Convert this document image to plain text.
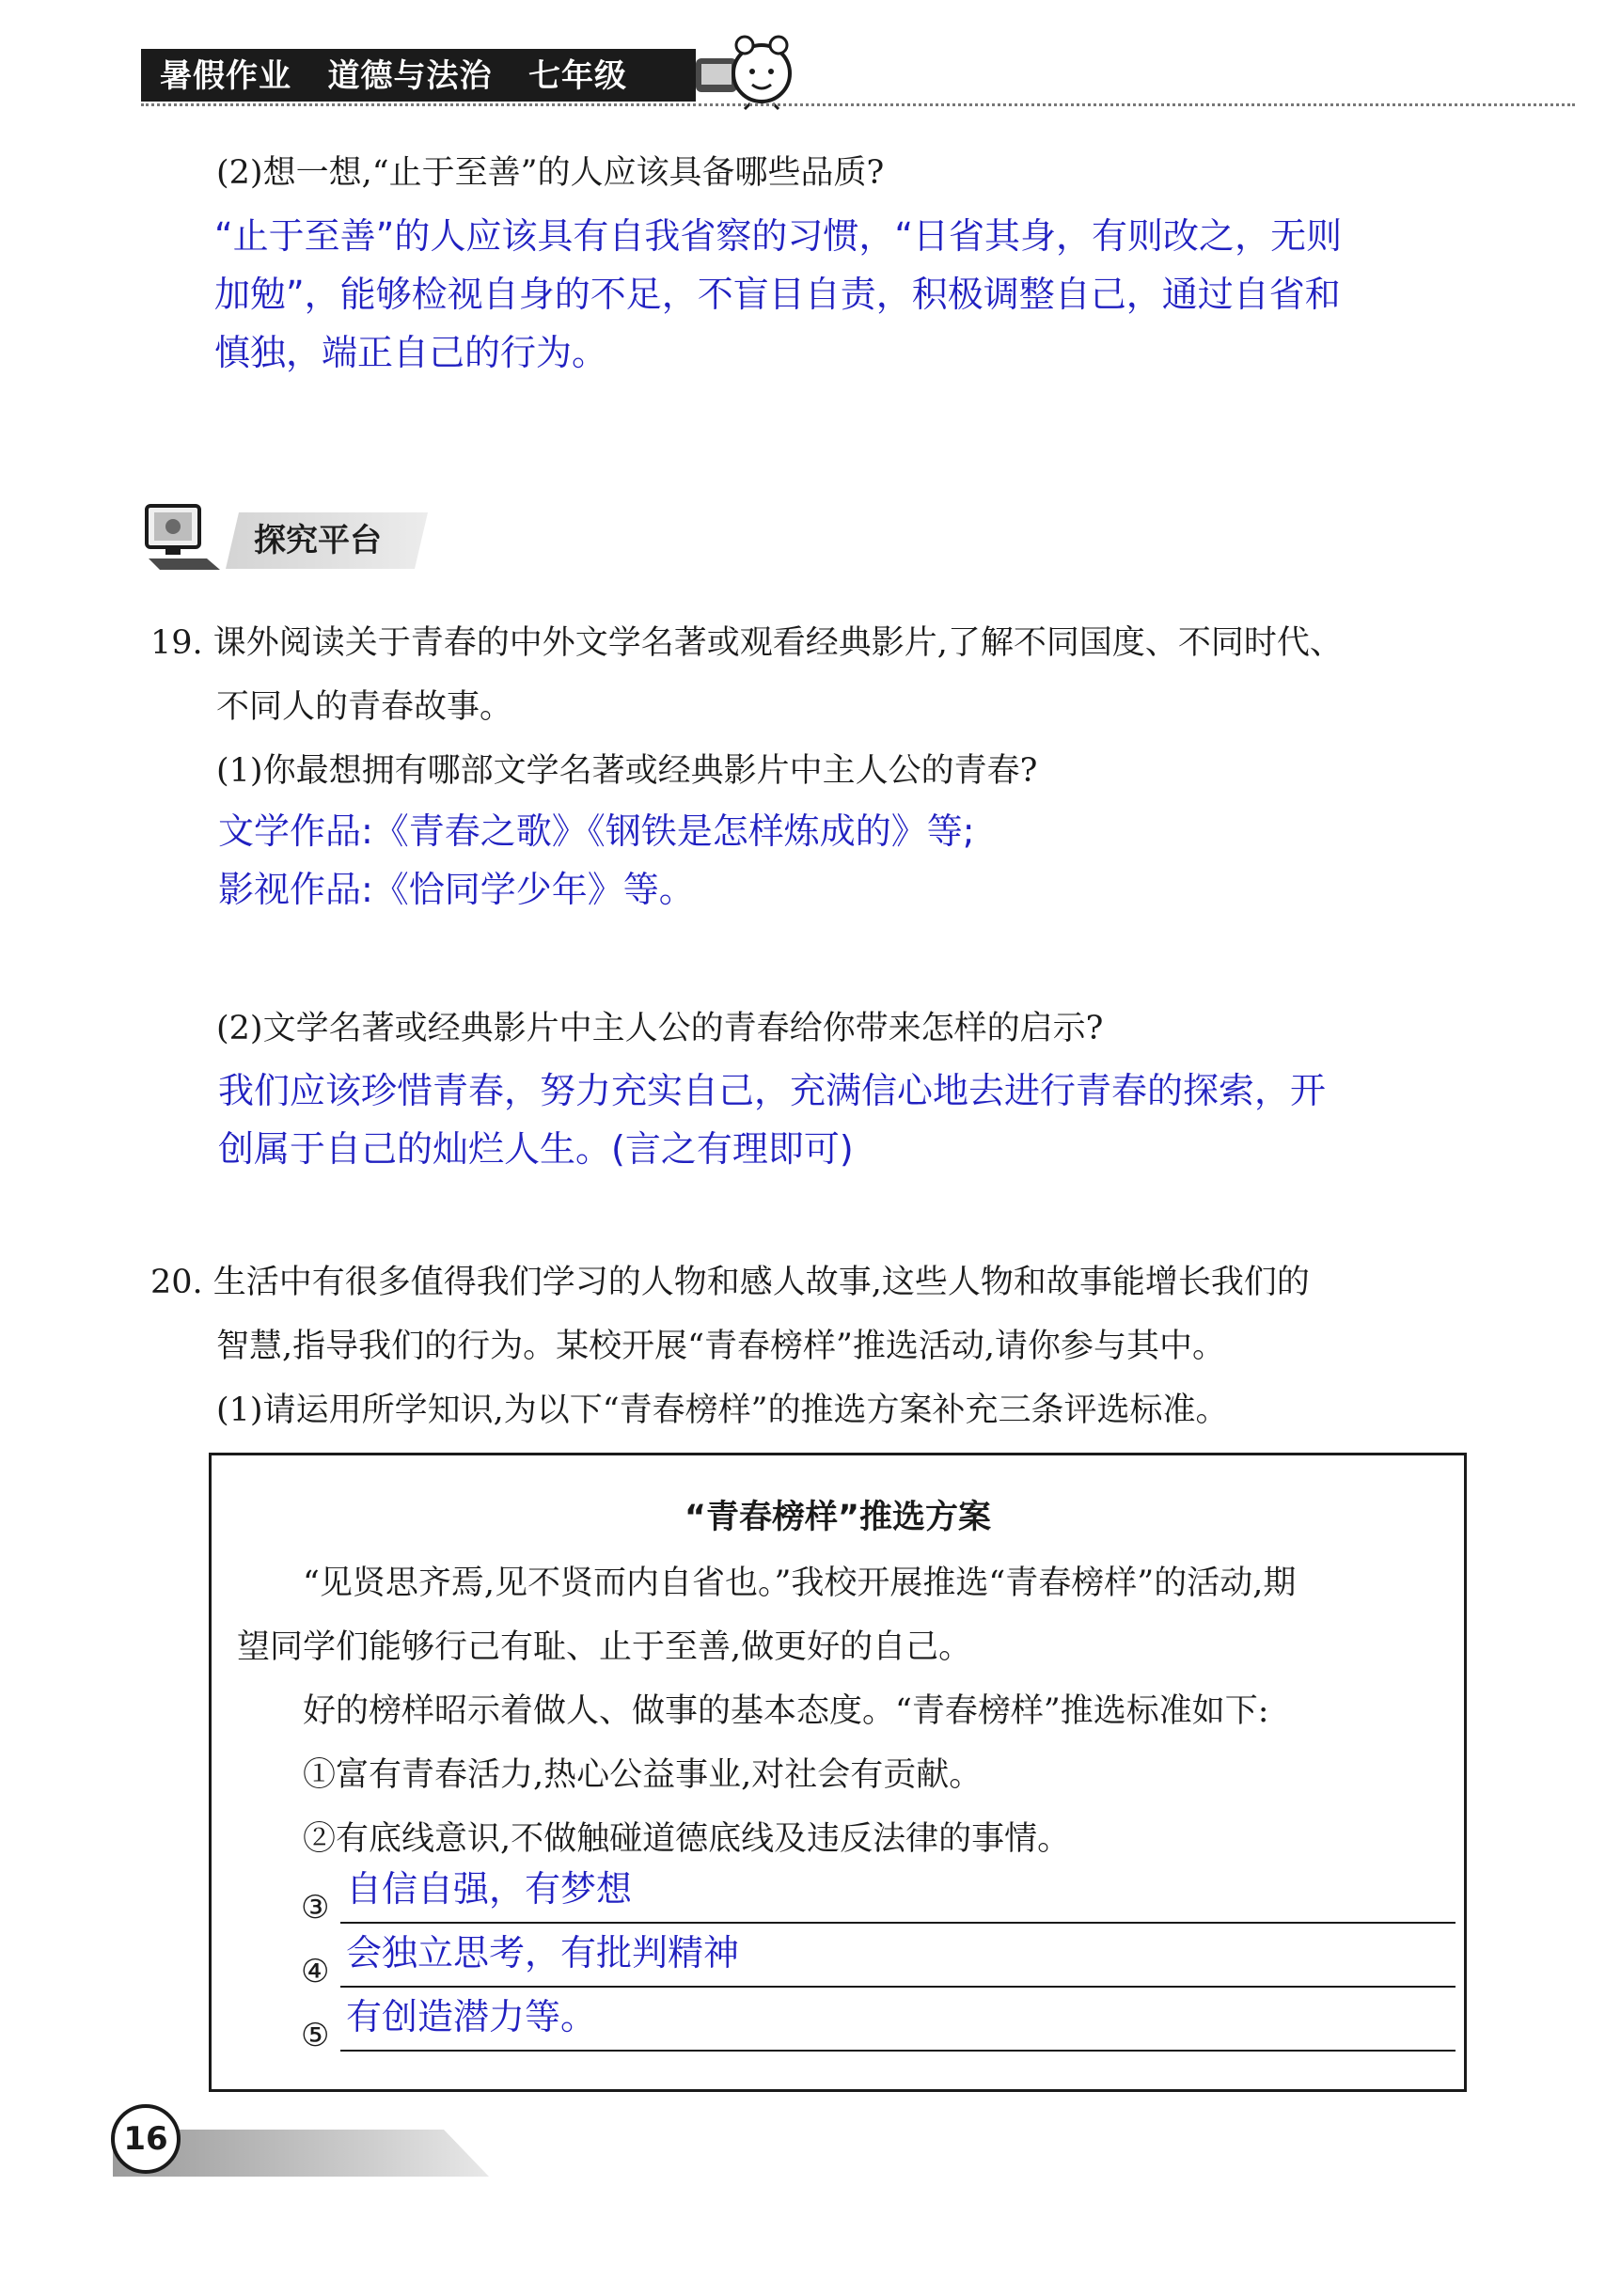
暑假作业   道德与法治   七年级
(2)想一想,“止于至善”的人应该具备哪些品质?
“止于至善”的人应该具有自我省察的习惯，“日省其身，有则改之，无则
加勉”，能够检视自身的不足，不盲目自责，积极调整自己，通过自省和
慎独，端正自己的行为。
探究平台
19. 课外阅读关于青春的中外文学名著或观看经典影片,了解不同国度、不同时代、
不同人的青春故事。
(1)你最想拥有哪部文学名著或经典影片中主人公的青春?
文学作品:《青春之歌》《钢铁是怎样炼成的》等;
影视作品:《恰同学少年》等。
(2)文学名著或经典影片中主人公的青春给你带来怎样的启示?
我们应该珍惜青春，努力充实自己，充满信心地去进行青春的探索，开
创属于自己的灿烂人生。(言之有理即可)
20. 生活中有很多值得我们学习的人物和感人故事,这些人物和故事能增长我们的
智慧,指导我们的行为。某校开展“青春榜样”推选活动,请你参与其中。
(1)请运用所学知识,为以下“青春榜样”的推选方案补充三条评选标准。
“青春榜样”推选方案
“见贤思齐焉,见不贤而内自省也。”我校开展推选“青春榜样”的活动,期
望同学们能够行己有耻、止于至善,做更好的自己。
好的榜样昭示着做人、做事的基本态度。“青春榜样”推选标准如下:
①富有青春活力,热心公益事业,对社会有贡献。
②有底线意识,不做触碰道德底线及违反法律的事情。
③ 自信自强，有梦想
④ 会独立思考，有批判精神
⑤ 有创造潜力等。
16
